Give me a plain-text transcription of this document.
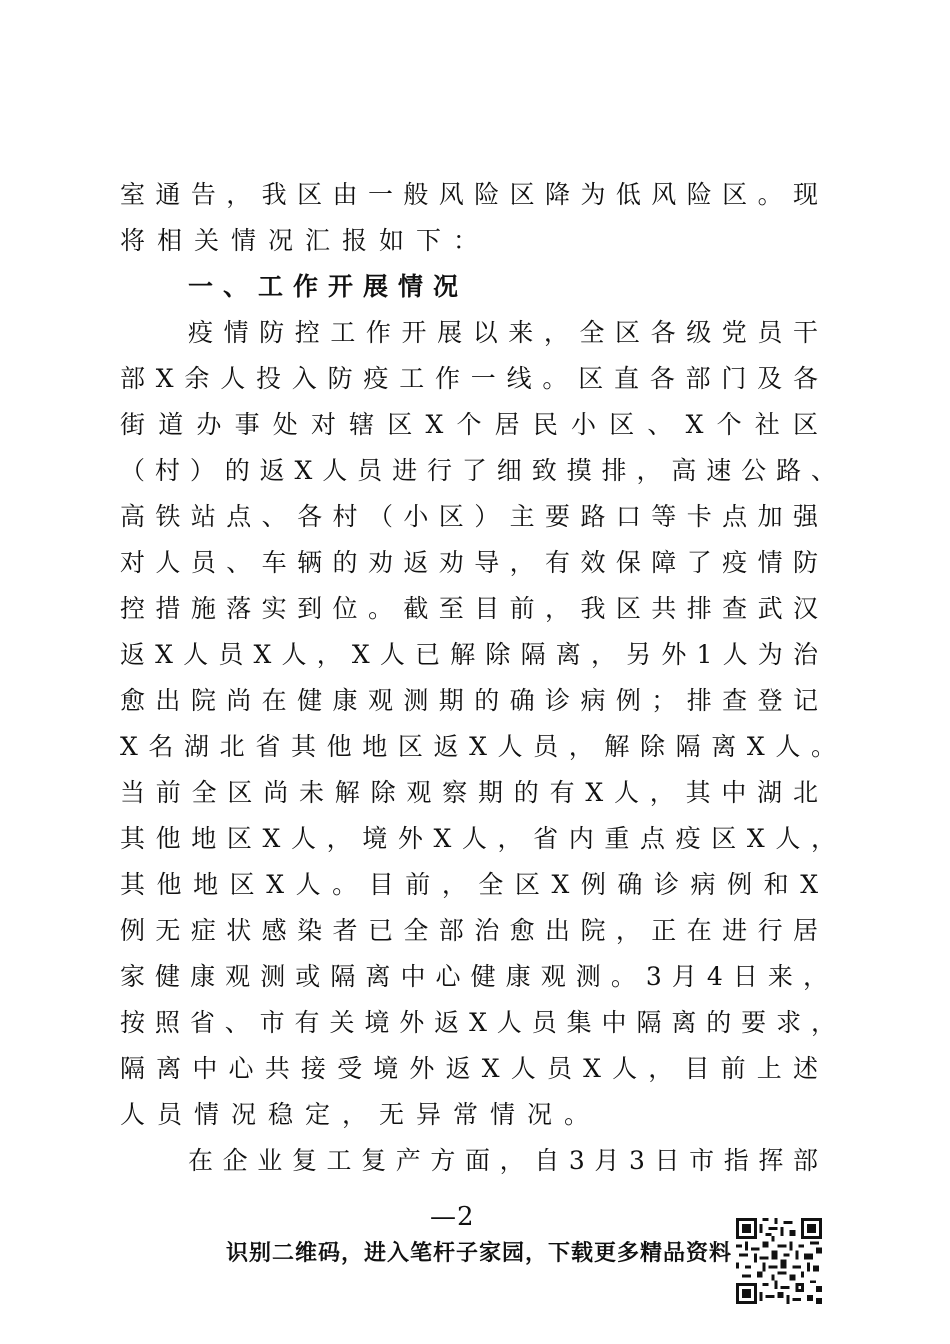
室通告，我区由一般风险区降为低风险区。现
将相关情况汇报如下：
一、工作开展情况
疫情防控工作开展以来，全区各级党员干
部X余人投入防疫工作一线。区直各部门及各
街道办事处对辖区X个居民小区、X个社区
（村）的返X人员进行了细致摸排，高速公路、
高铁站点、各村（小区）主要路口等卡点加强
对人员、车辆的劝返劝导，有效保障了疫情防
控措施落实到位。截至目前，我区共排查武汉
返X人员X人，X人已解除隔离，另外1人为治
愈出院尚在健康观测期的确诊病例；排查登记
X名湖北省其他地区返X人员，解除隔离X人。
当前全区尚未解除观察期的有X人，其中湖北
其他地区X人，境外X人，省内重点疫区X人，
其他地区X人。目前，全区X例确诊病例和X
例无症状感染者已全部治愈出院，正在进行居
家健康观测或隔离中心健康观测。3月4日来，
按照省、市有关境外返X人员集中隔离的要求，
隔离中心共接受境外返X人员X人，目前上述
人员情况稳定，无异常情况。
在企业复工复产方面，自3月3日市指挥部
—2
识别二维码，进入笔杆子家园，下载更多精品资料
